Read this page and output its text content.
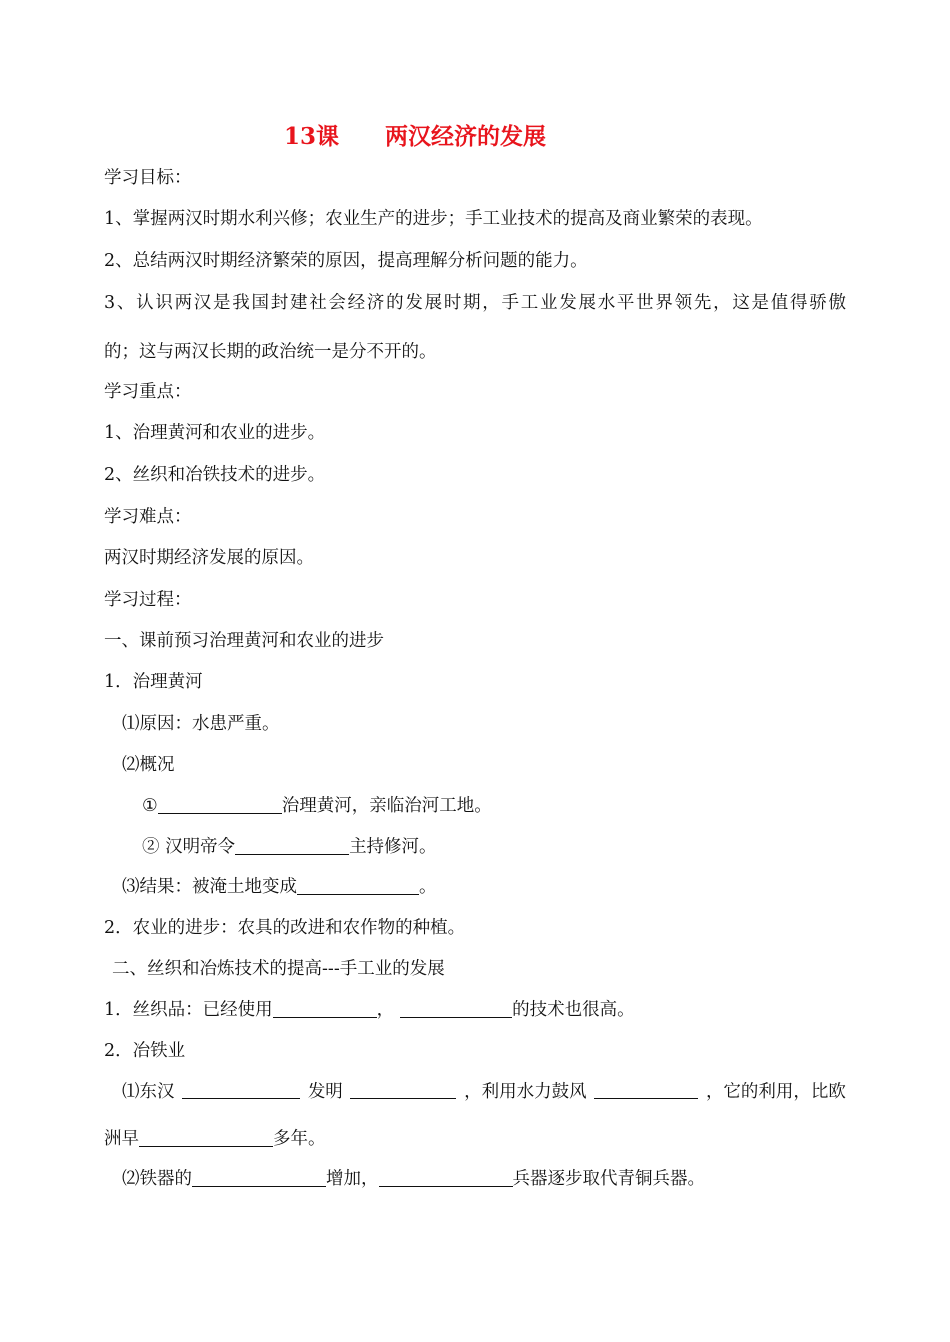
13课　　两汉经济的发展
学习目标：
1、掌握两汉时期水利兴修；农业生产的进步；手工业技术的提高及商业繁荣的表现。
2、总结两汉时期经济繁荣的原因，提高理解分析问题的能力。
3、认识两汉是我国封建社会经济的发展时期，手工业发展水平世界领先，这是值得骄傲
的；这与两汉长期的政治统一是分不开的。
学习重点：
1、治理黄河和农业的进步。
2、丝织和冶铁技术的进步。
学习难点：
两汉时期经济发展的原因。
学习过程：
一、课前预习治理黄河和农业的进步
1．治理黄河
⑴原因：水患严重。
⑵概况
①	治理黄河，亲临治河工地。
② 汉明帝令	主持修河。
⑶结果：被淹土地变成	。
2．农业的进步：农具的改进和农作物的种植。
二、丝织和冶炼技术的提高---手工业的发展
1．丝织品：已经使用	，	的技术也很高。
2．冶铁业
⑴东汉	发明	，利用水力鼓风	，它的利用，比欧
洲早	多年。
⑵铁器的	增加，	兵器逐步取代青铜兵器。
